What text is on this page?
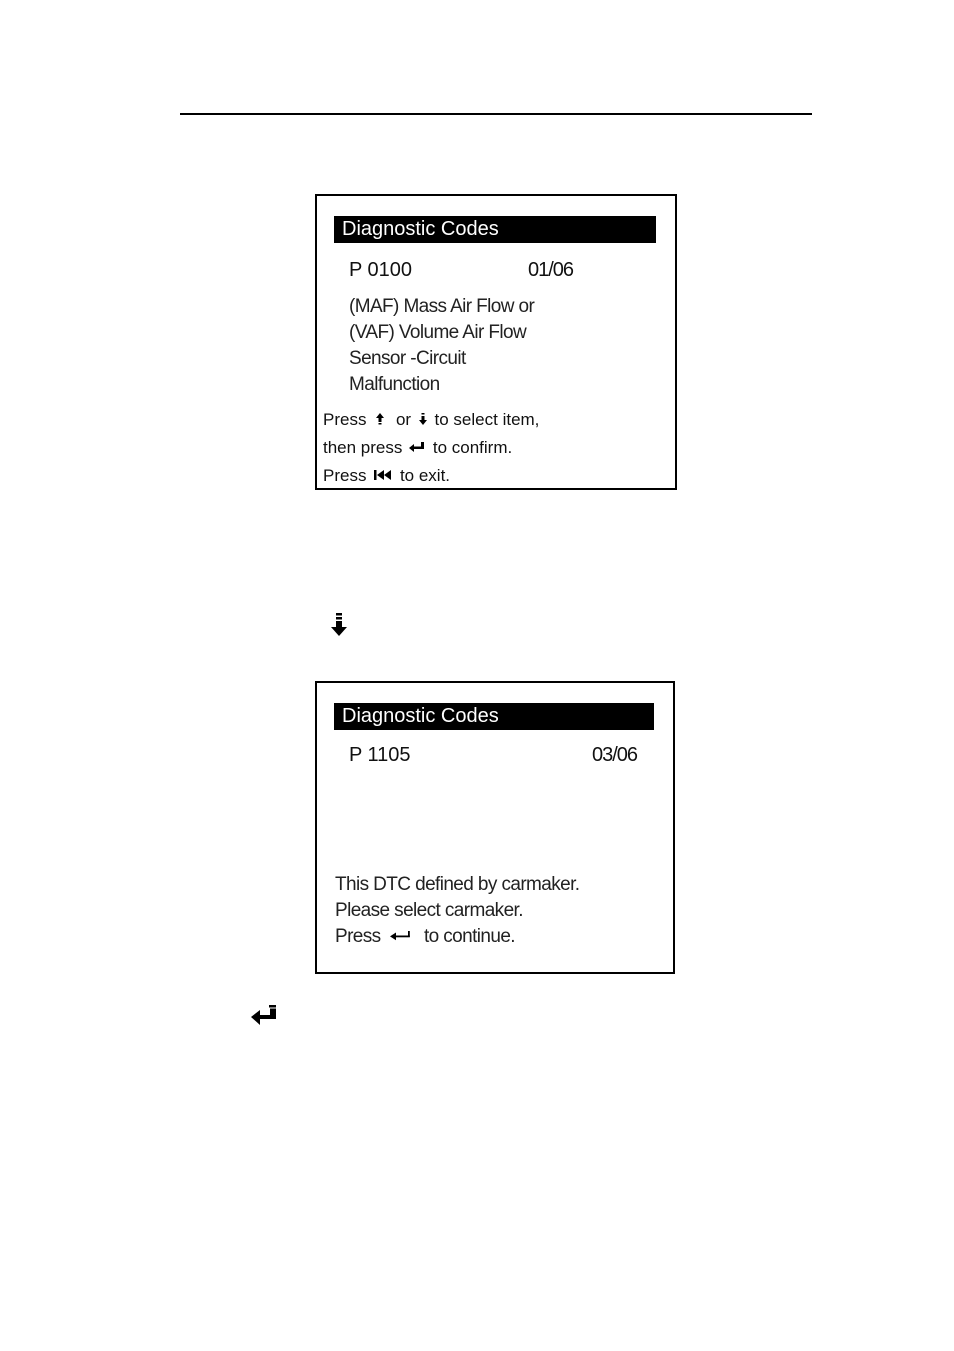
Diagnostic Codes
P 0100	01/06
(MAF) Mass Air Flow or
(VAF) Volume Air Flow
Sensor -Circuit
Malfunction
Press or to select item,
then press to confirm.
Press to exit.
Diagnostic Codes
P 1105	03/06
This DTC defined by carmaker.
Please select carmaker.
Press to continue.
